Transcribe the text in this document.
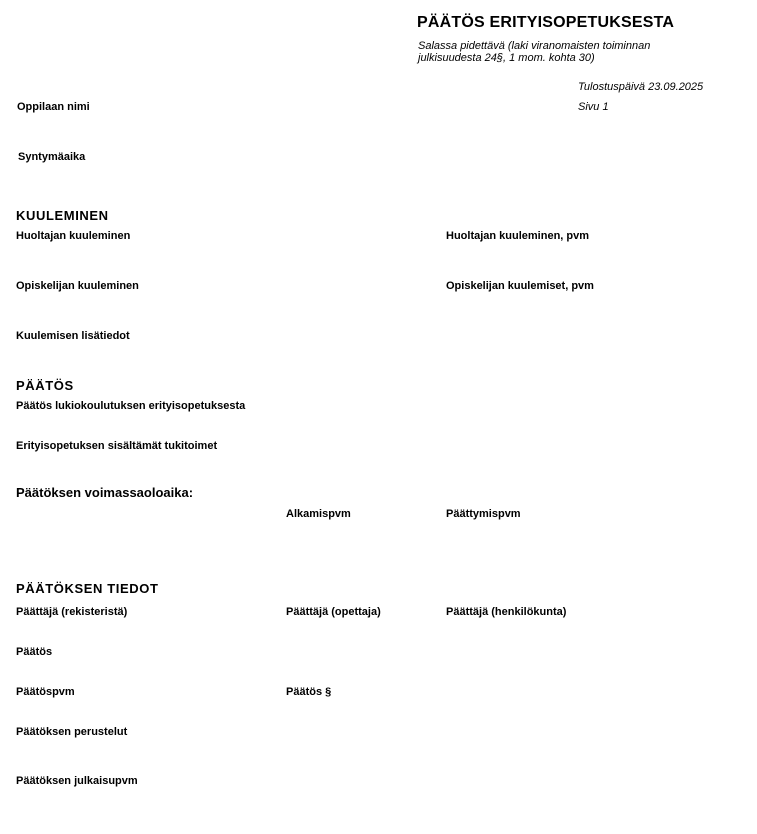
PÄÄTÖS ERITYISOPETUKSESTA
Salassa pidettävä (laki viranomaisten toiminnan
julkisuudesta 24§, 1 mom. kohta 30)
Tulostuspäivä 23.09.2025
Sivu 1
Oppilaan nimi
Syntymäaika
KUULEMINEN
Huoltajan kuuleminen	Huoltajan kuuleminen, pvm
Opiskelijan kuuleminen	Opiskelijan kuulemiset, pvm
Kuulemisen lisätiedot
PÄÄTÖS
Päätös lukiokoulutuksen erityisopetuksesta
Erityisopetuksen sisältämät tukitoimet
Päätöksen voimassaoloaika:
Alkamispvm	Päättymispvm
PÄÄTÖKSEN TIEDOT
Päättäjä (rekisteristä)	Päättäjä (opettaja)	Päättäjä (henkilökunta)
Päätös
Päätöspvm	Päätös §
Päätöksen perustelut
Päätöksen julkaisupvm
